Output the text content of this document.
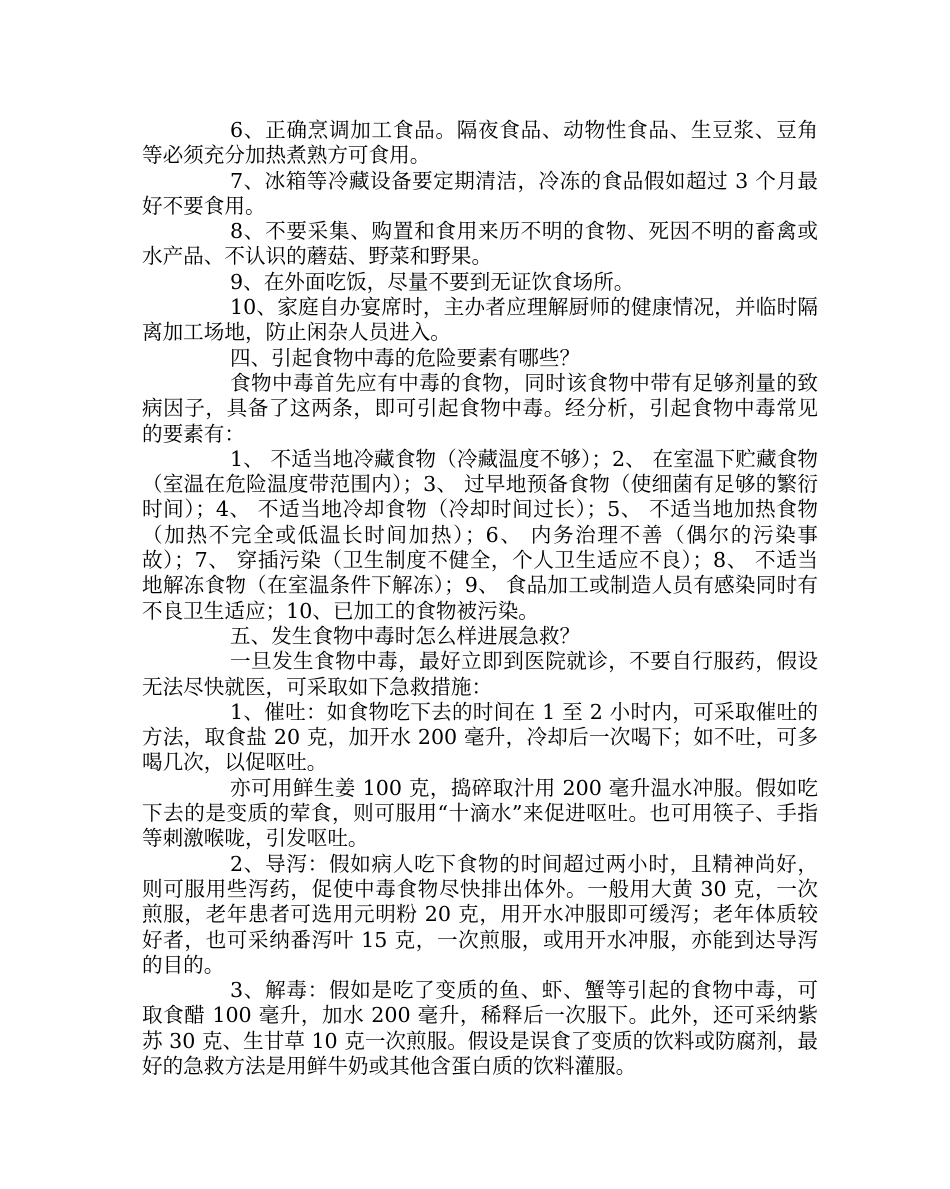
6、正确烹调加工食品。隔夜食品、动物性食品、生豆浆、豆角等必须充分加热煮熟方可食用。

7、冰箱等冷藏设备要定期清洁，冷冻的食品假如超过 3 个月最好不要食用。

8、不要采集、购置和食用来历不明的食物、死因不明的畜禽或水产品、不认识的蘑菇、野菜和野果。

9、在外面吃饭，尽量不要到无证饮食场所。

10、家庭自办宴席时，主办者应理解厨师的健康情况，并临时隔离加工场地，防止闲杂人员进入。

四、引起食物中毒的危险要素有哪些？

食物中毒首先应有中毒的食物，同时该食物中带有足够剂量的致病因子，具备了这两条，即可引起食物中毒。经分析，引起食物中毒常见的要素有：

1、 不适当地冷藏食物（冷藏温度不够）；2、 在室温下贮藏食物（室温在危险温度带范围内）；3、 过早地预备食物（使细菌有足够的繁衍时间）；4、 不适当地冷却食物（冷却时间过长）；5、 不适当地加热食物（加热不完全或低温长时间加热）；6、 内务治理不善（偶尔的污染事故）；7、 穿插污染（卫生制度不健全，个人卫生适应不良）；8、 不适当地解冻食物（在室温条件下解冻）；9、 食品加工或制造人员有感染同时有不良卫生适应；10、已加工的食物被污染。

五、发生食物中毒时怎么样进展急救？

一旦发生食物中毒，最好立即到医院就诊，不要自行服药，假设无法尽快就医，可采取如下急救措施：

1、催吐：如食物吃下去的时间在 1 至 2 小时内，可采取催吐的方法，取食盐 20 克，加开水 200 毫升，冷却后一次喝下；如不吐，可多喝几次，以促呕吐。

亦可用鲜生姜 100 克，捣碎取汁用 200 毫升温水冲服。假如吃下去的是变质的荤食，则可服用“十滴水”来促进呕吐。也可用筷子、手指等刺激喉咙，引发呕吐。

2、导泻：假如病人吃下食物的时间超过两小时，且精神尚好，则可服用些泻药，促使中毒食物尽快排出体外。一般用大黄 30 克，一次煎服，老年患者可选用元明粉 20 克，用开水冲服即可缓泻；老年体质较好者，也可采纳番泻叶 15 克，一次煎服，或用开水冲服，亦能到达导泻的目的。

3、解毒：假如是吃了变质的鱼、虾、蟹等引起的食物中毒，可取食醋 100 毫升，加水 200 毫升，稀释后一次服下。此外，还可采纳紫苏 30 克、生甘草 10 克一次煎服。假设是误食了变质的饮料或防腐剂，最好的急救方法是用鲜牛奶或其他含蛋白质的饮料灌服。
